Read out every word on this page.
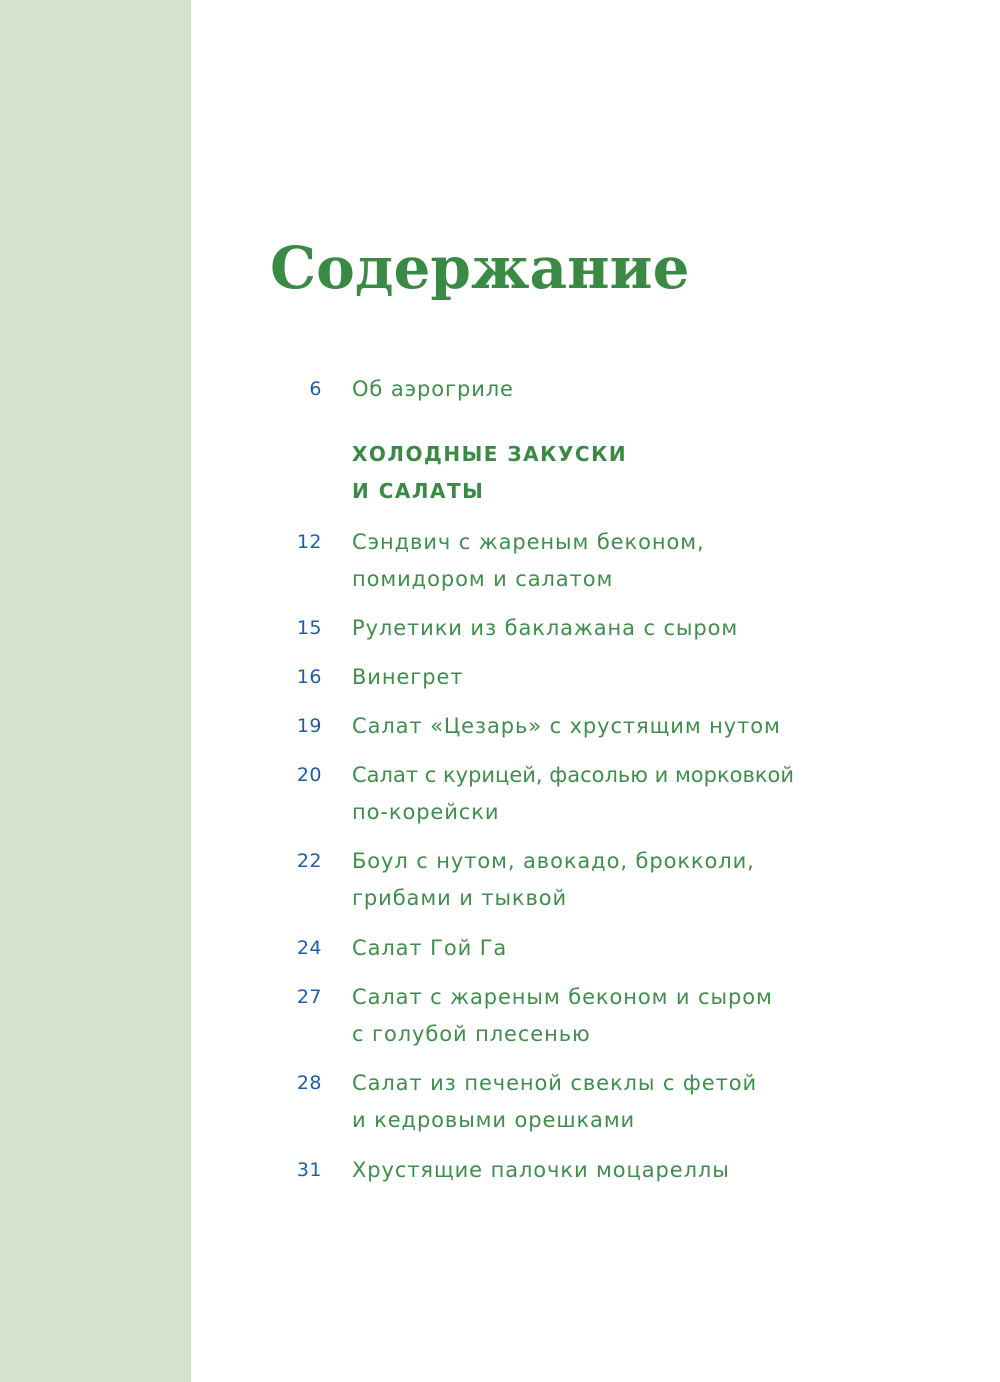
Содержание
6 Об аэрогриле
ХОЛОДНЫЕ ЗАКУСКИ
И САЛАТЫ
12 Сэндвич с жареным беконом,
помидором и салатом
15 Рулетики из баклажана с сыром
16 Винегрет
19 Салат «Цезарь» с хрустящим нутом
20 Салат с курицей, фасолью и морковкой
по-корейски
22 Боул с нутом, авокадо, брокколи,
грибами и тыквой
24 Салат Гой Га
27 Салат с жареным беконом и сыром
с голубой плесенью
28 Салат из печеной свеклы с фетой
и кедровыми орешками
31 Хрустящие палочки моцареллы
